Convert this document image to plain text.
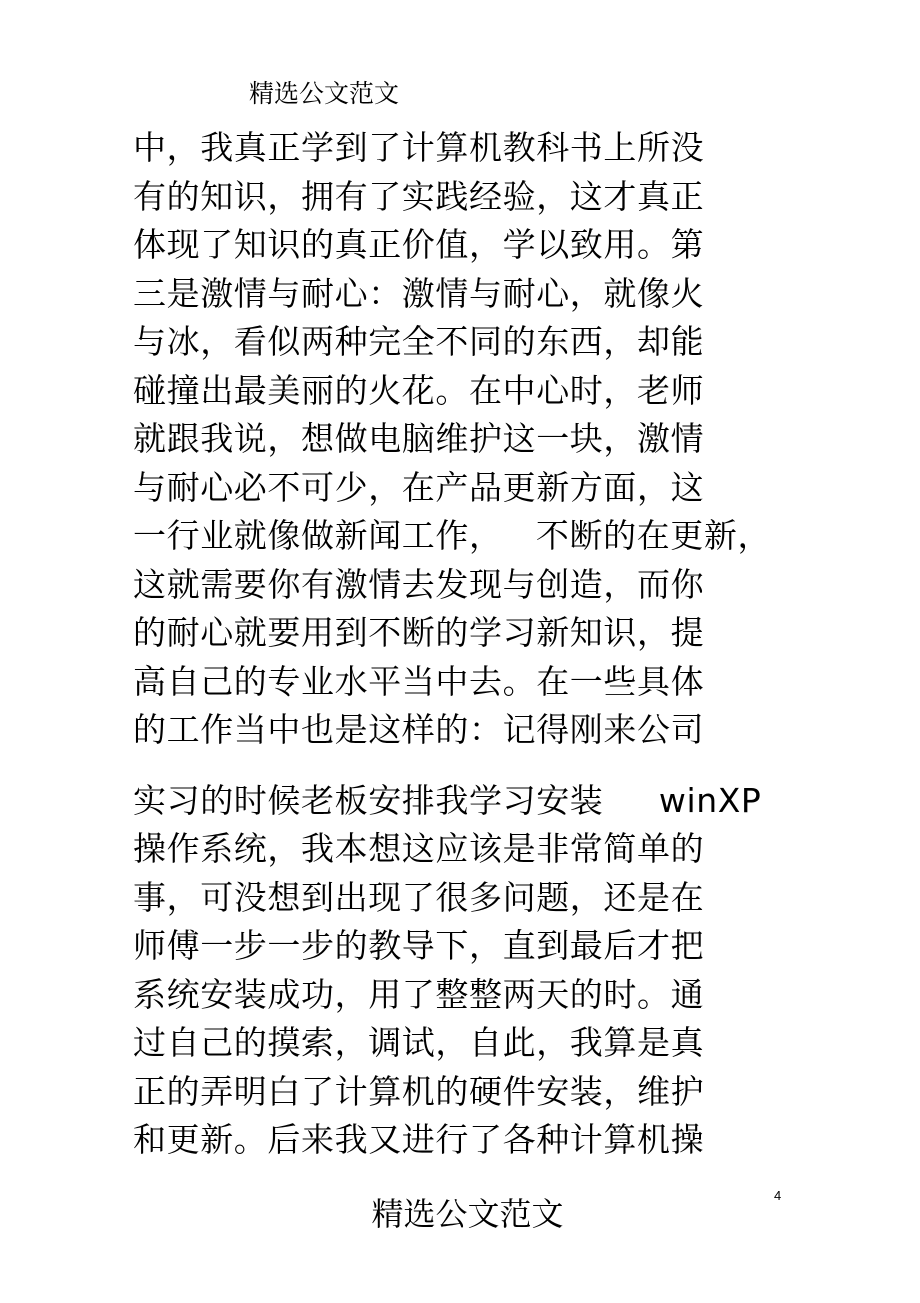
精选公文范文
中，我真正学到了计算机教科书上所没
有的知识，拥有了实践经验，这才真正
体现了知识的真正价值，学以致用。第
三是激情与耐心：激情与耐心，就像火
与冰，看似两种完全不同的东西，却能
碰撞出最美丽的火花。在中心时，老师
就跟我说，想做电脑维护这一块，激情
与耐心必不可少，在产品更新方面，这
一行业就像做新闻工作，   不断的在更新，
这就需要你有激情去发现与创造，而你
的耐心就要用到不断的学习新知识，提
高自己的专业水平当中去。在一些具体
的工作当中也是这样的：记得刚来公司
实习的时候老板安排我学习安装     winXP
操作系统，我本想这应该是非常简单的
事，可没想到出现了很多问题，还是在
师傅一步一步的教导下，直到最后才把
系统安装成功，用了整整两天的时。通
过自己的摸索，调试，自此，我算是真
正的弄明白了计算机的硬件安装，维护
和更新。后来我又进行了各种计算机操
4
精选公文范文
